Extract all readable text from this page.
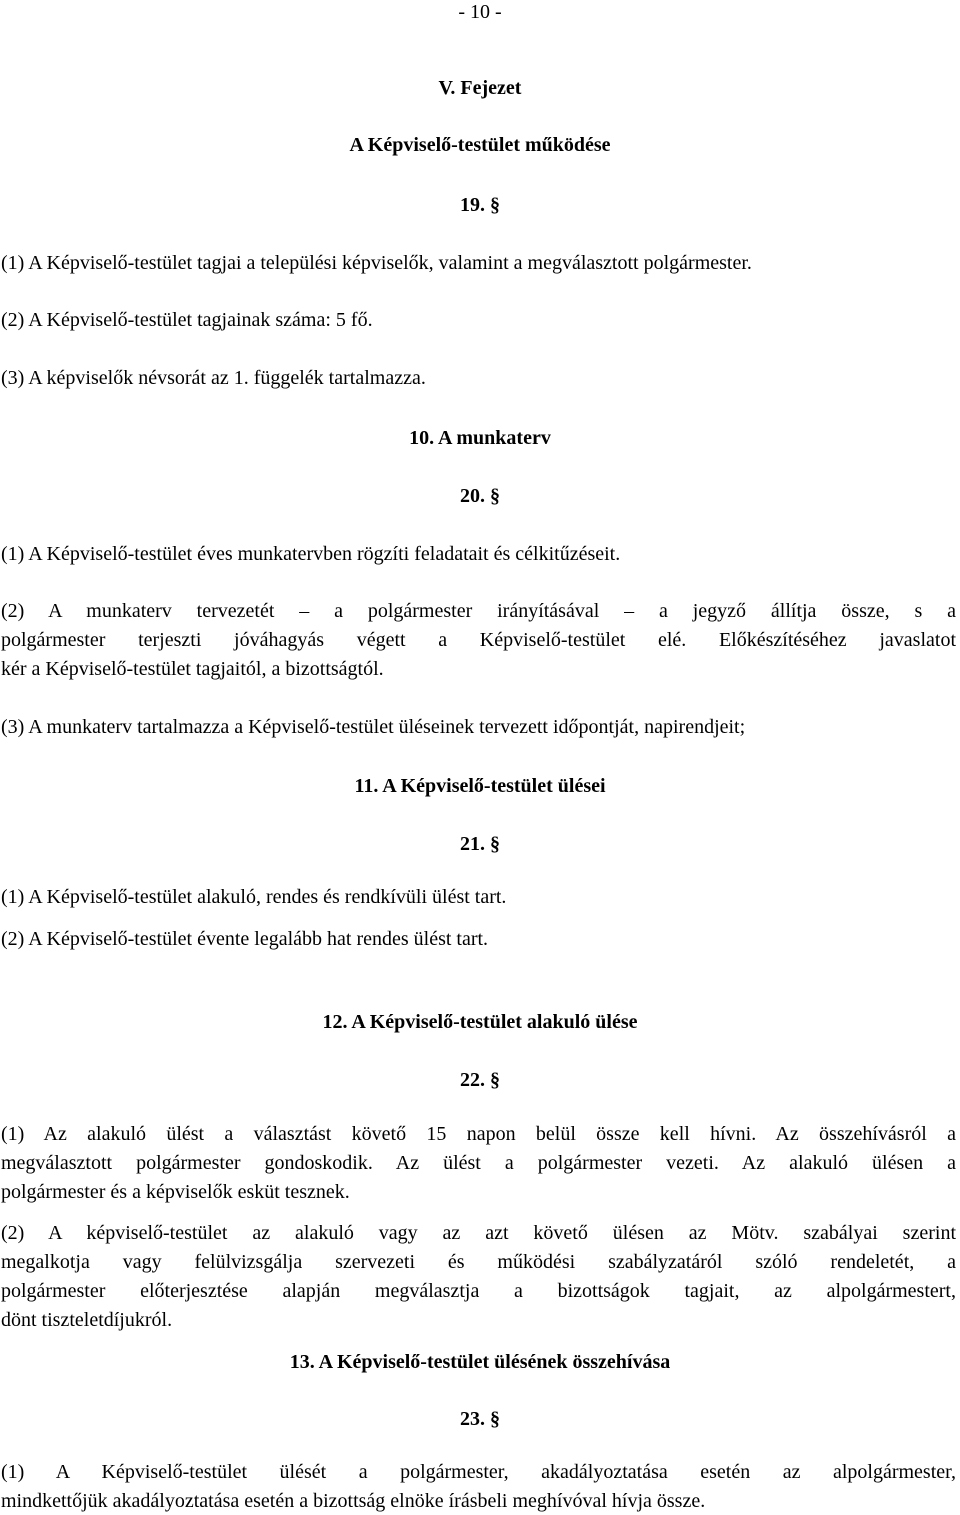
- 10 -
V. Fejezet
A Képviselő-testület működése
19. §
(1) A Képviselő-testület tagjai a települési képviselők, valamint a megválasztott polgármester.
(2) A Képviselő-testület tagjainak száma: 5 fő.
(3) A képviselők névsorát az 1. függelék tartalmazza.
10. A munkaterv
20. §
(1) A Képviselő-testület éves munkatervben rögzíti feladatait és célkitűzéseit.
(2) A munkaterv tervezetét – a polgármester irányításával – a jegyző állítja össze, s a
polgármester terjeszti jóváhagyás végett a Képviselő-testület elé. Előkészítéséhez javaslatot
kér a Képviselő-testület tagjaitól, a bizottságtól.
(3) A munkaterv tartalmazza a Képviselő-testület üléseinek tervezett időpontját, napirendjeit;
11. A Képviselő-testület ülései
21. §
(1) A Képviselő-testület alakuló, rendes és rendkívüli ülést tart.
(2) A Képviselő-testület évente legalább hat rendes ülést tart.
12. A Képviselő-testület alakuló ülése
22. §
(1) Az alakuló ülést a választást követő 15 napon belül össze kell hívni. Az összehívásról a
megválasztott polgármester gondoskodik. Az ülést a polgármester vezeti. Az alakuló ülésen a
polgármester és a képviselők esküt tesznek.
(2) A képviselő-testület az alakuló vagy az azt követő ülésen az Mötv. szabályai szerint
megalkotja vagy felülvizsgálja szervezeti és működési szabályzatáról szóló rendeletét, a
polgármester előterjesztése alapján megválasztja a bizottságok tagjait, az alpolgármestert,
dönt tiszteletdíjukról.
13. A Képviselő-testület ülésének összehívása
23. §
(1) A Képviselő-testület ülését a polgármester, akadályoztatása esetén az alpolgármester,
mindkettőjük akadályoztatása esetén a bizottság elnöke írásbeli meghívóval hívja össze.
